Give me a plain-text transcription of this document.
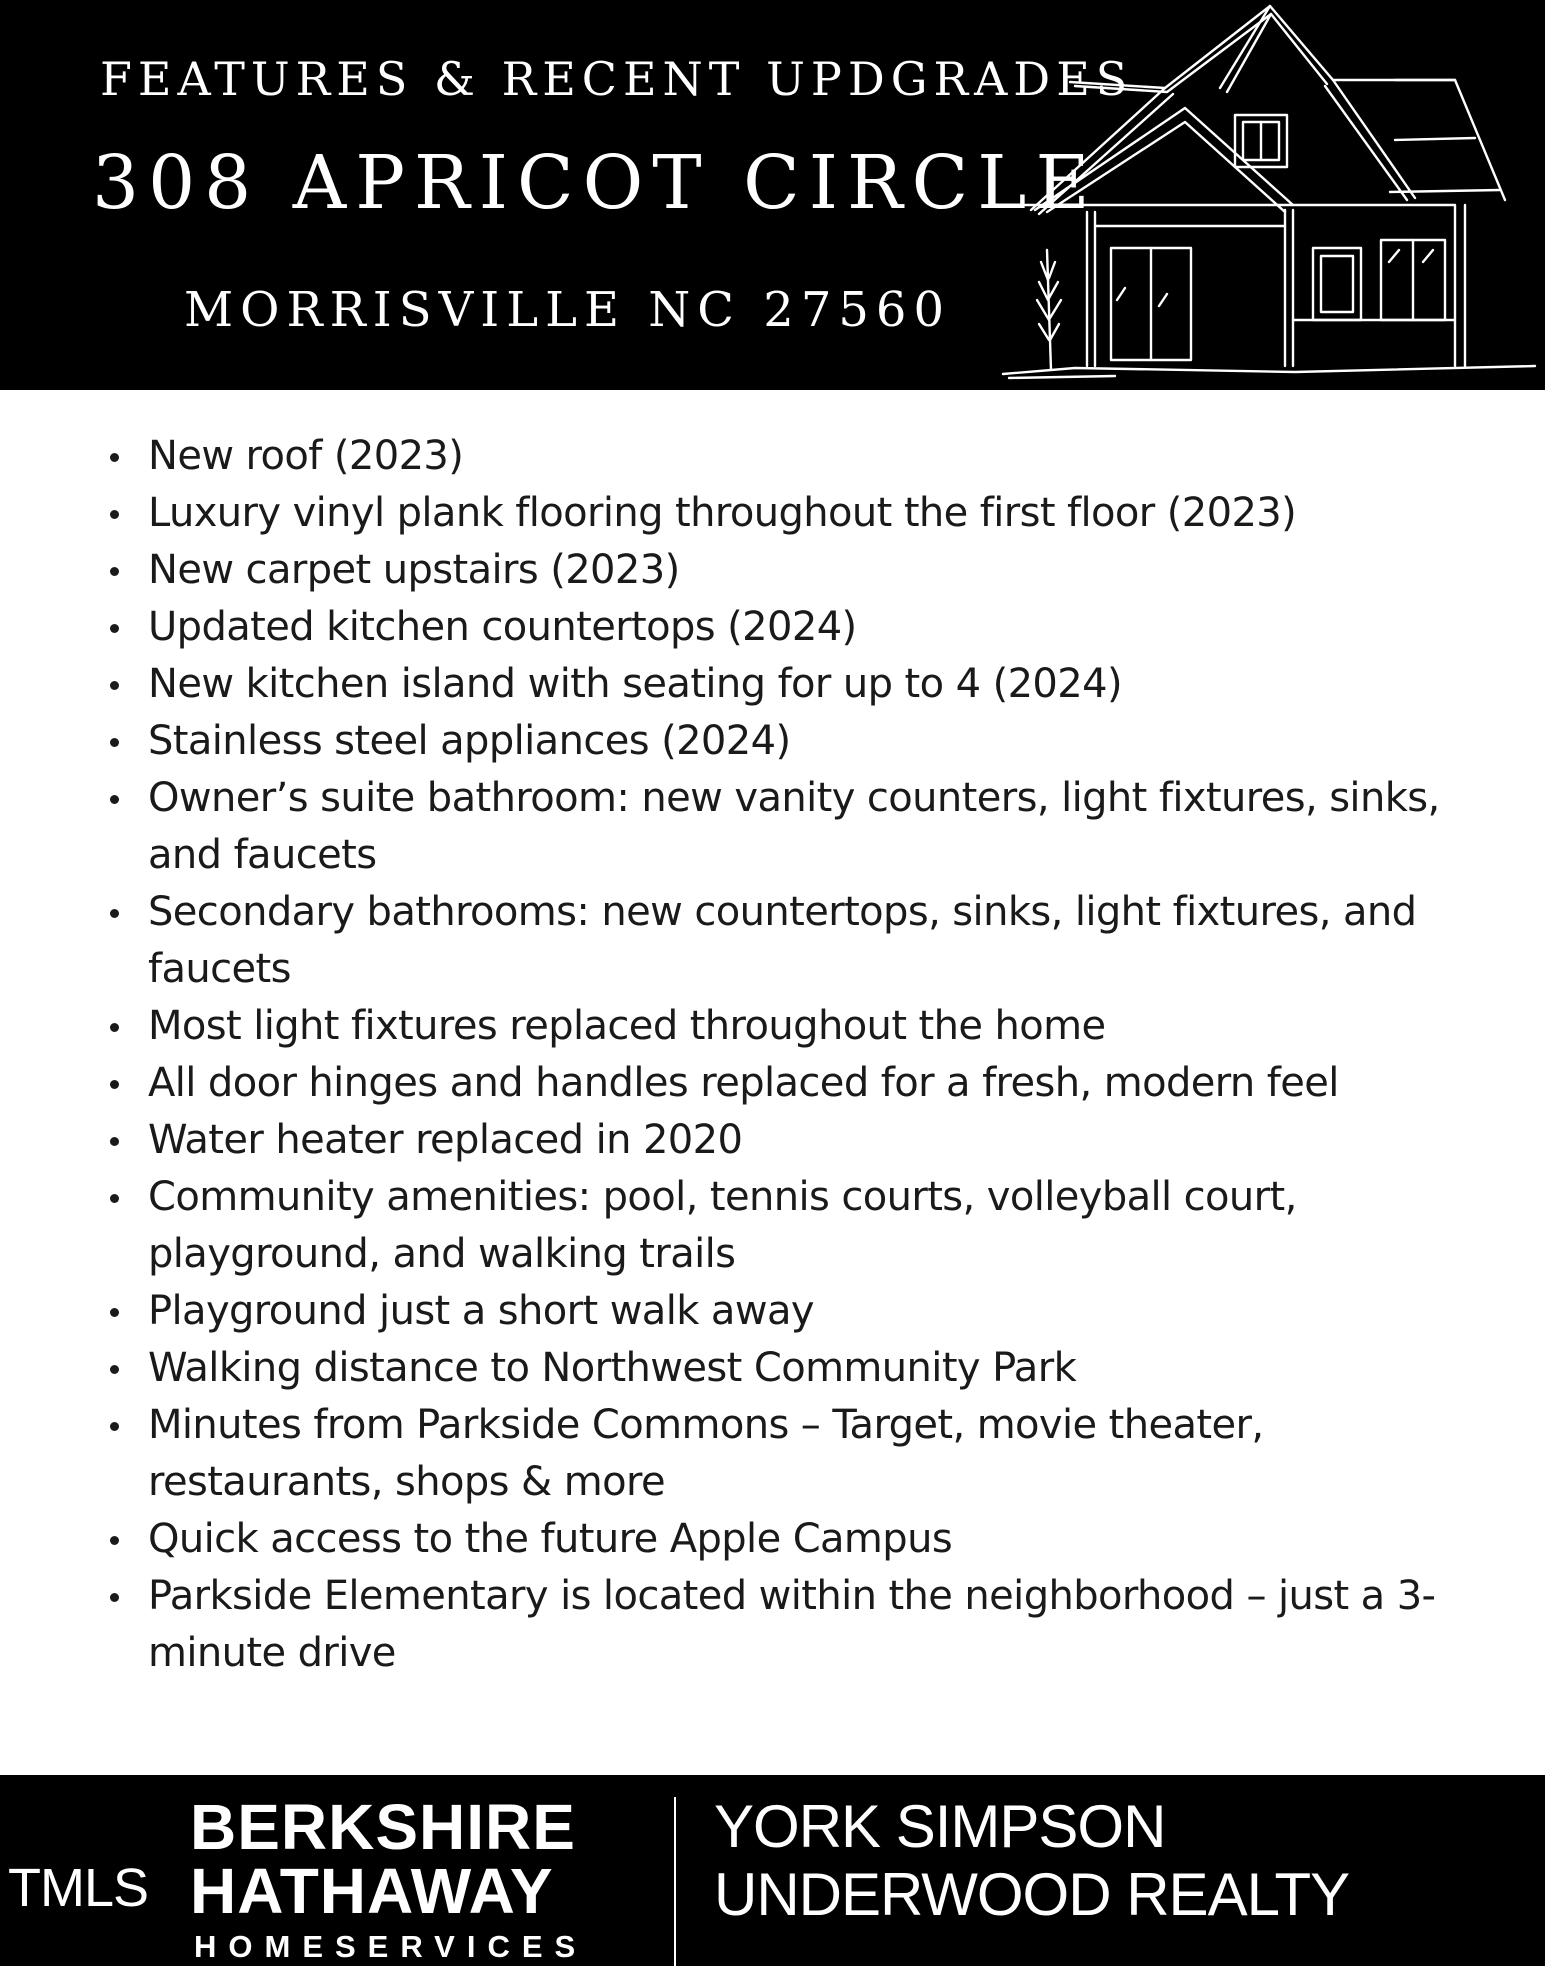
FEATURES & RECENT UPDGRADES
308 APRICOT CIRCLE
MORRISVILLE NC 27560
New roof (2023)
Luxury vinyl plank flooring throughout the first floor (2023)
New carpet upstairs (2023)
Updated kitchen countertops (2024)
New kitchen island with seating for up to 4 (2024)
Stainless steel appliances (2024)
Owner’s suite bathroom: new vanity counters, light fixtures, sinks, and faucets
Secondary bathrooms: new countertops, sinks, light fixtures, and faucets
Most light fixtures replaced throughout the home
All door hinges and handles replaced for a fresh, modern feel
Water heater replaced in 2020
Community amenities: pool, tennis courts, volleyball court, playground, and walking trails
Playground just a short walk away
Walking distance to Northwest Community Park
Minutes from Parkside Commons – Target, movie theater, restaurants, shops & more
Quick access to the future Apple Campus
Parkside Elementary is located within the neighborhood – just a 3-minute drive
TMLS
BERKSHIRE
HATHAWAY
HOMESERVICES
YORK SIMPSON
UNDERWOOD REALTY
